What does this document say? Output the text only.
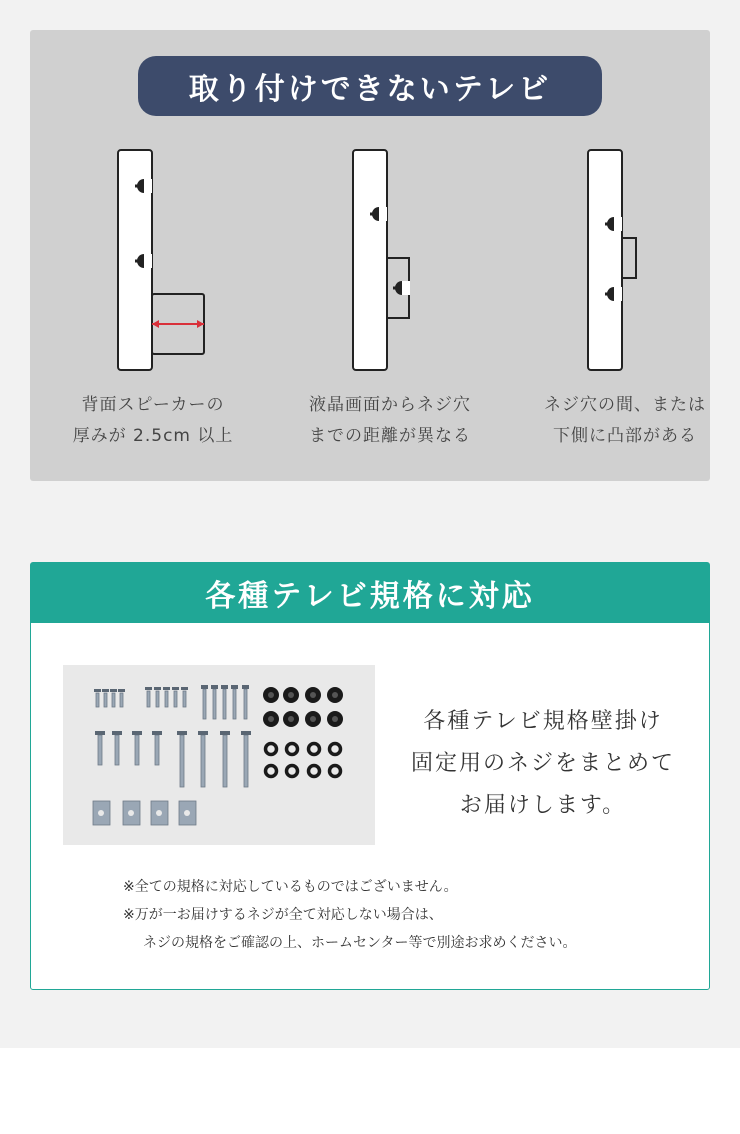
取り付けできないテレビ
背面スピーカーの
厚みが 2.5cm 以上
液晶画面からネジ穴
までの距離が異なる
ネジ穴の間、または
下側に凸部がある
各種テレビ規格に対応
各種テレビ規格壁掛け
固定用のネジをまとめて
お届けします。
※全ての規格に対応しているものではございません。
※万が一お届けするネジが全て対応しない場合は、
ネジの規格をご確認の上、ホームセンター等で別途お求めください。
